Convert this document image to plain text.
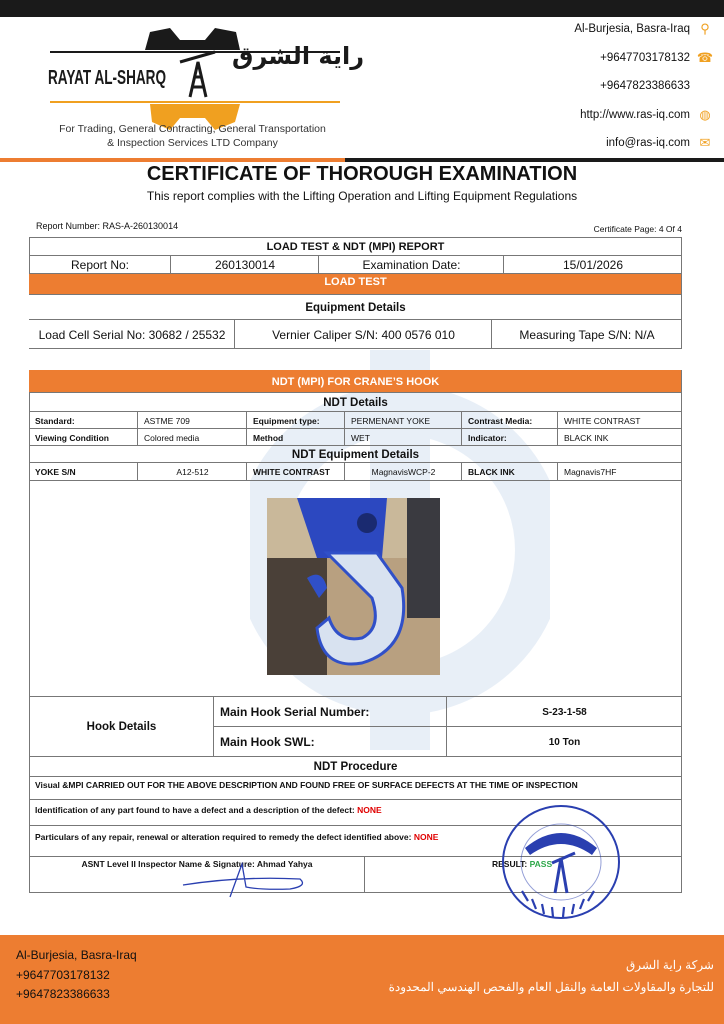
RAYAT AL-SHARQ
راية الشرق
For Trading, General Contracting, General Transportation
& Inspection Services LTD Company
Al-Burjesia, Basra-Iraq ⚲
+9647703178132 ☎
+9647823386633
http://www.ras-iq.com ◍
info@ras-iq.com ✉
CERTIFICATE OF THOROUGH EXAMINATION
This report complies with the Lifting Operation and Lifting Equipment Regulations
Report Number: RAS-A-260130014	Certificate Page: 4 Of 4
LOAD TEST & NDT (MPI) REPORT
Report No:	260130014	Examination Date:	15/01/2026
LOAD TEST
Equipment Details
Load Cell Serial No: 30682 / 25532	Vernier Caliper S/N: 400 0576 010	Measuring Tape S/N: N/A
NDT (MPI) FOR CRANE’S HOOK
NDT Details
Standard:	ASTME 709	Equipment type:	PERMENANT YOKE	Contrast Media:	WHITE CONTRAST
Viewing Condition	Colored media	Method	WET	Indicator:	BLACK INK
YOKE S/N	A12-512	WHITE CONTRAST	MagnavisWCP-2	BLACK INK	Magnavis7HF
NDT Equipment Details
Hook Details
Main Hook Serial Number:	S-23-1-58
Main Hook SWL:	10 Ton
NDT Procedure
Visual &MPI CARRIED OUT FOR THE ABOVE DESCRIPTION AND FOUND FREE OF SURFACE DEFECTS AT THE TIME OF INSPECTION
Identification of any part found to have a defect and a description of the defect: NONE
Particulars of any repair, renewal or alteration required to remedy the defect identified above: NONE
ASNT Level II Inspector Name & Signature: Ahmad Yahya	RESULT: PASS
Al-Burjesia, Basra-Iraq
+9647703178132
+9647823386633
شركة راية الشرق
للتجارة والمقاولات العامة والنقل العام والفحص الهندسي المحدودة
